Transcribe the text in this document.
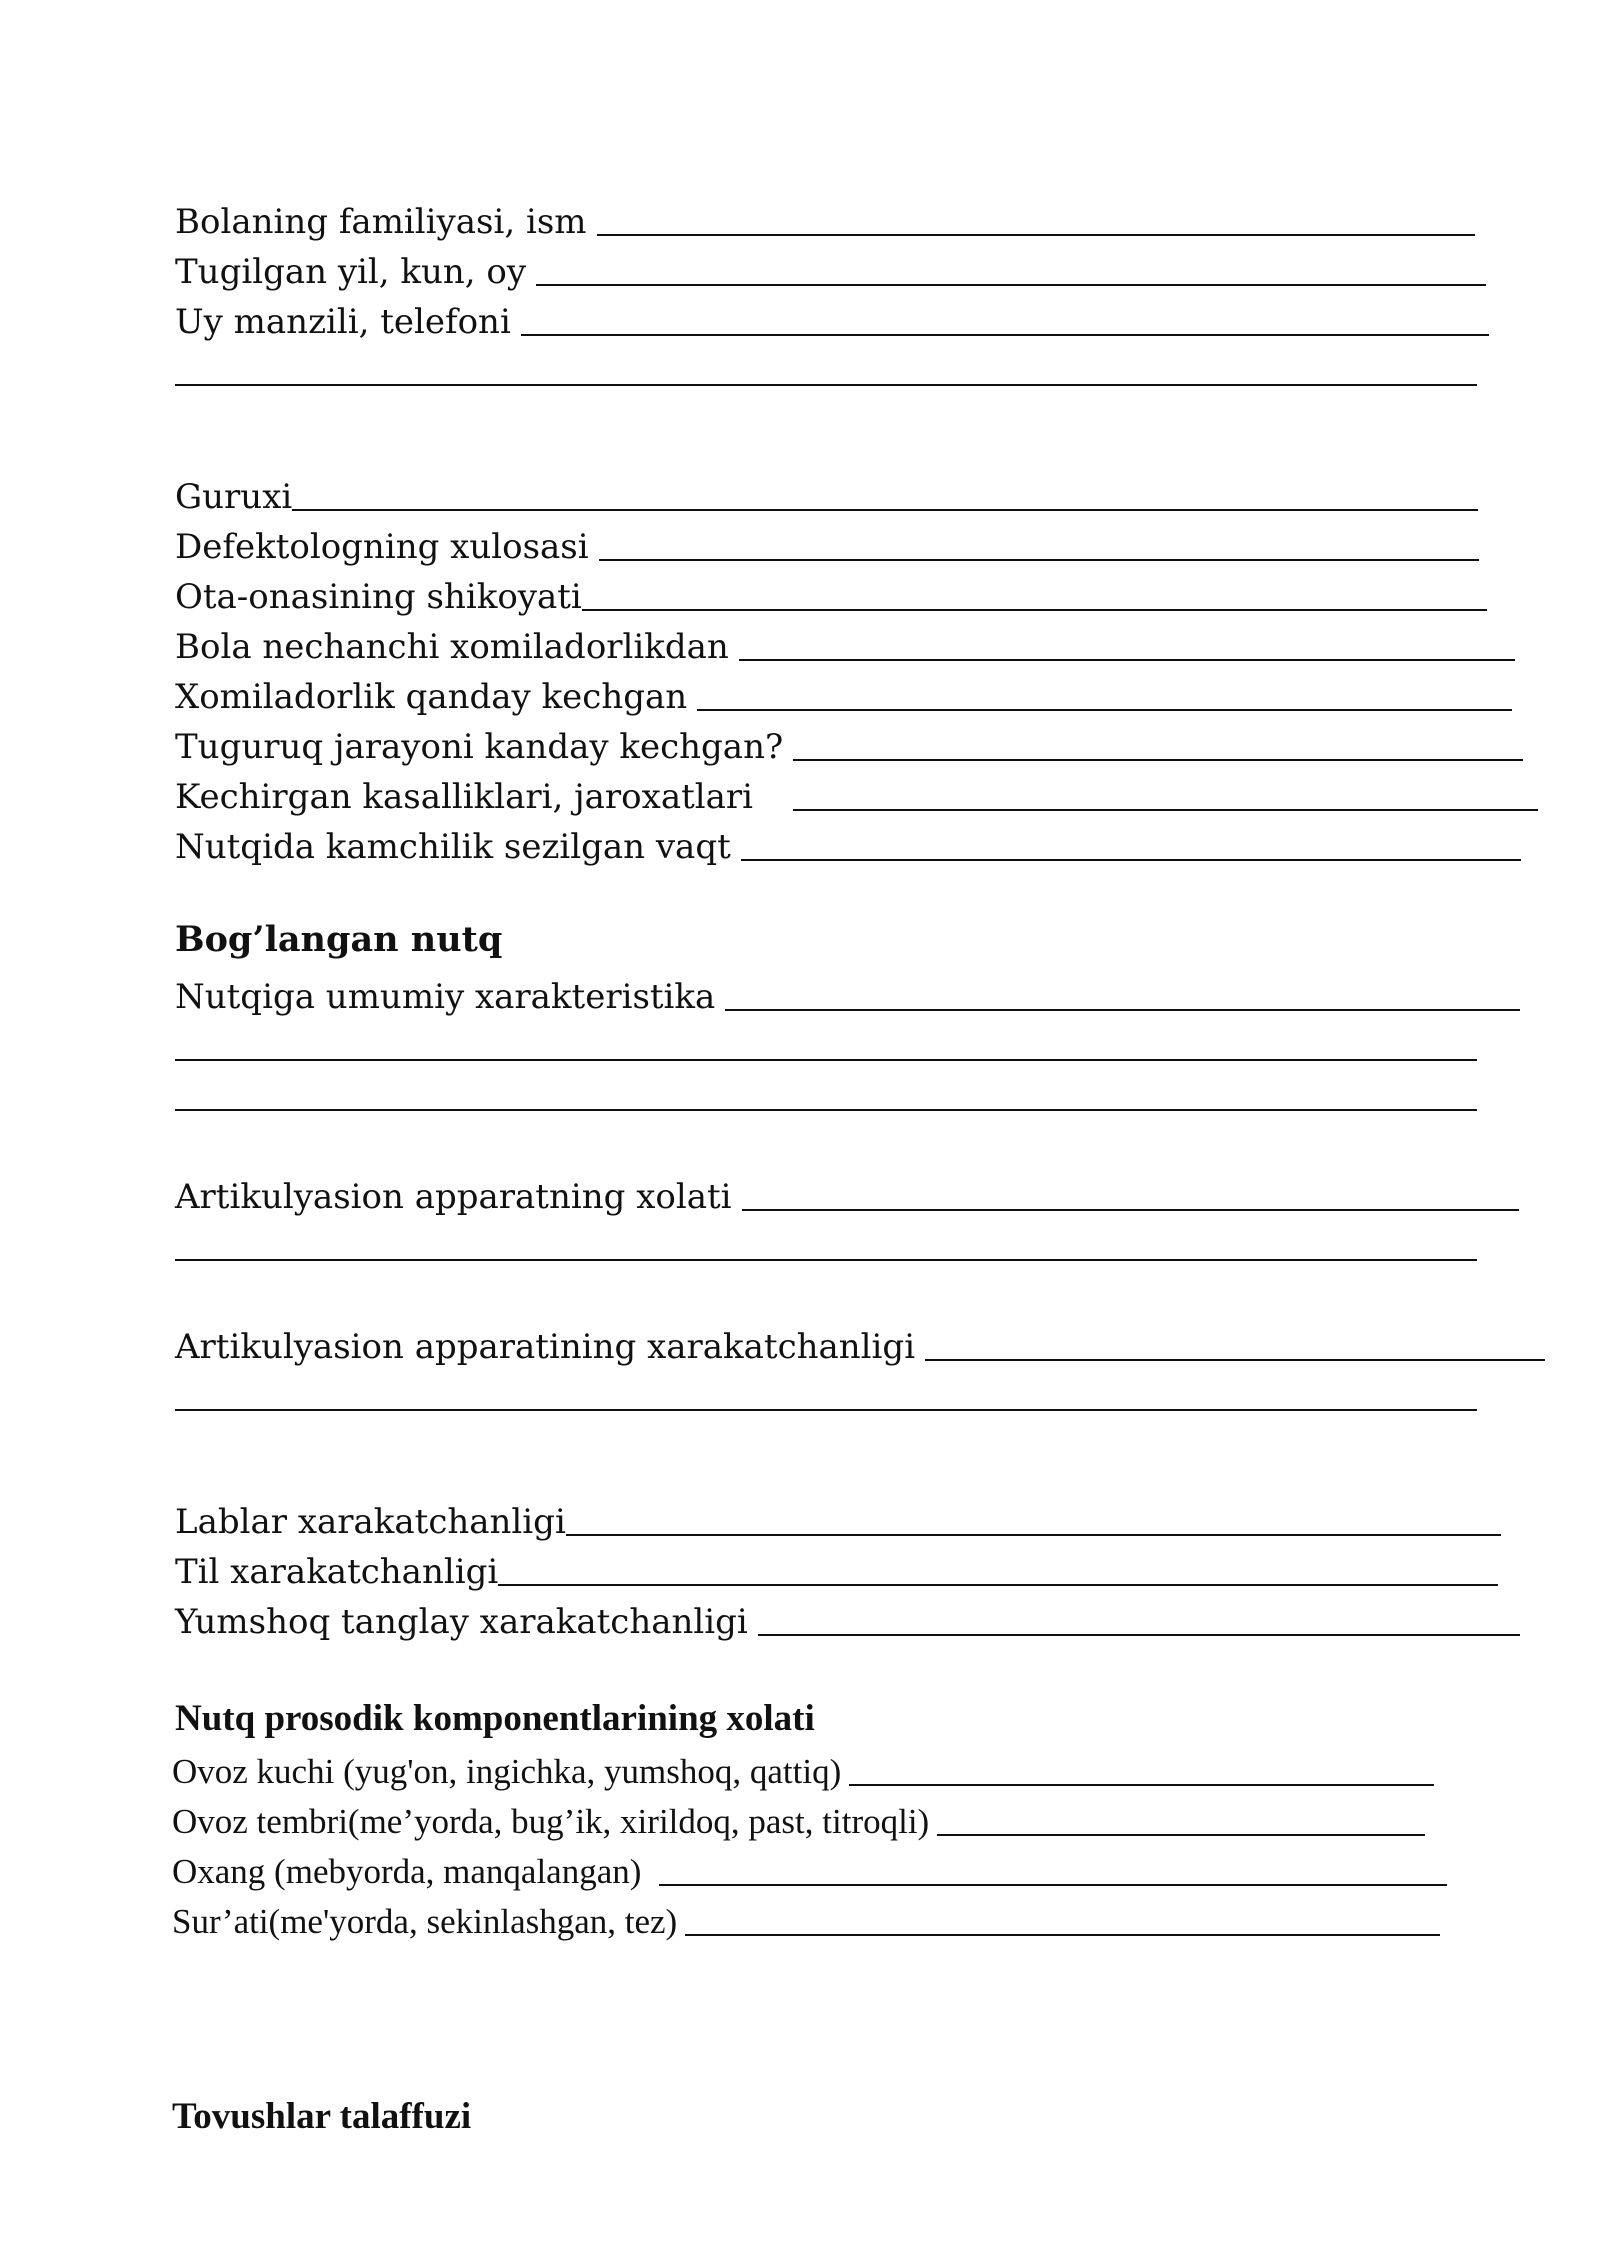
Bolaning familiyasi, ism
Tugilgan yil, kun, oy
Uy manzili, telefoni
Guruxi
Defektologning xulosasi
Ota-onasining shikoyati
Bola nechanchi xomiladorlikdan
Xomiladorlik qanday kechgan
Tuguruq jarayoni kanday kechgan?
Kechirgan kasalliklari, jaroxatlari
Nutqida kamchilik sezilgan vaqt
Bog’langan nutq
Nutqiga umumiy xarakteristika
Artikulyasion apparatning xolati
Artikulyasion apparatining xarakatchanligi
Lablar xarakatchanligi
Til xarakatchanligi
Yumshoq tanglay xarakatchanligi
Nutq prosodik komponentlarining xolati
Ovoz kuchi (yug'on, ingichka, yumshoq, qattiq)
Ovoz tembri(me’yorda, bug’ik, xirildoq, past, titroqli)
Oxang (mebyorda, manqalangan)
Sur’ati(me'yorda, sekinlashgan, tez)
Tovushlar talaffuzi
